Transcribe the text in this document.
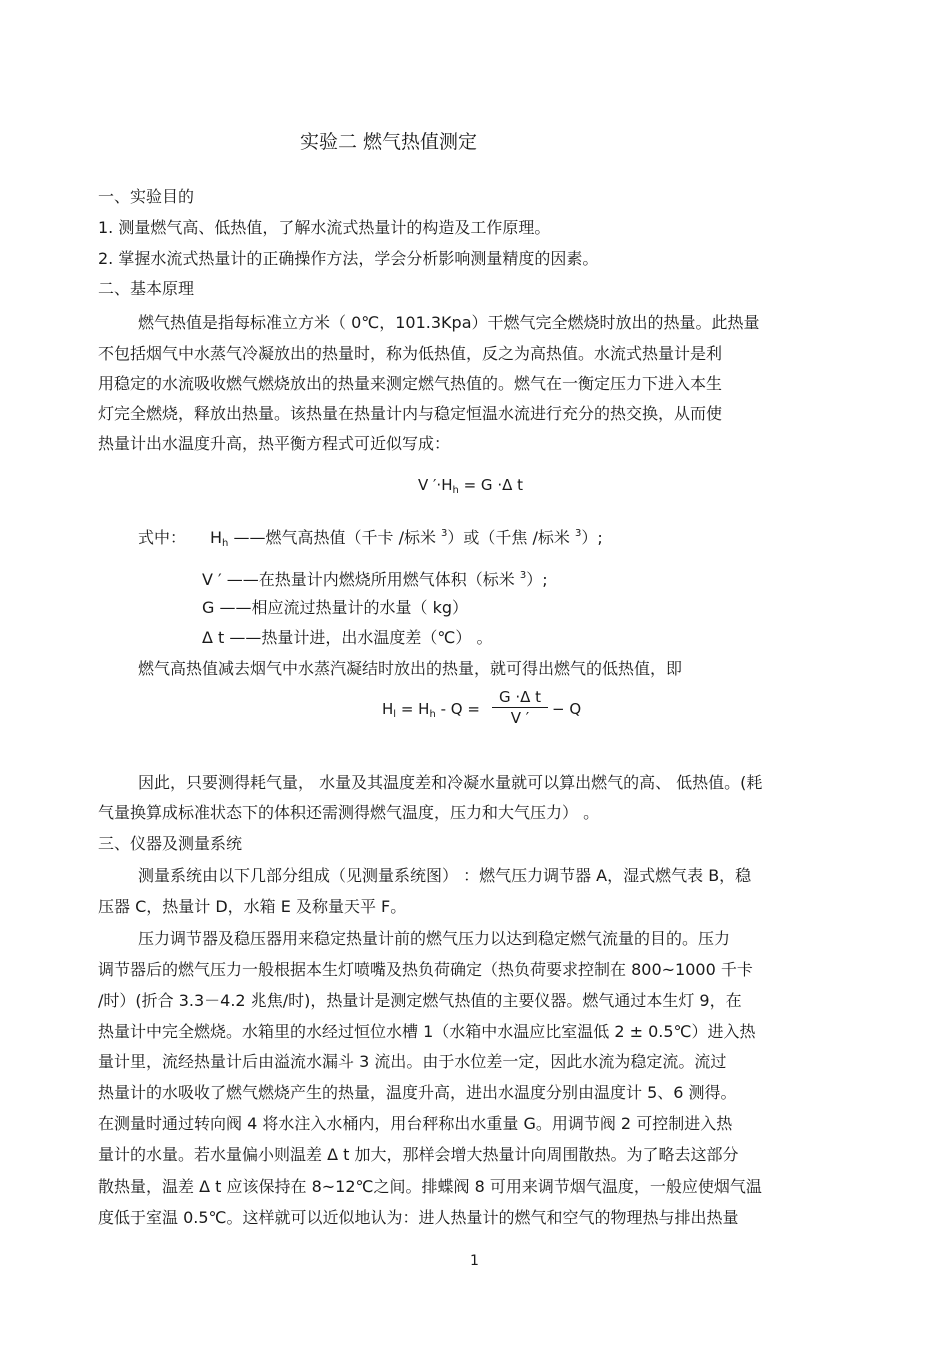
实验二 燃气热值测定
一、实验目的
1. 测量燃气高、低热值，了解水流式热量计的构造及工作原理。
2. 掌握水流式热量计的正确操作方法，学会分析影响测量精度的因素。
二、基本原理
燃气热值是指每标准立方米（ 0℃，101.3Kpa）干燃气完全燃烧时放出的热量。此热量
不包括烟气中水蒸气冷凝放出的热量时，称为低热值，反之为高热值。水流式热量计是利
用稳定的水流吸收燃气燃烧放出的热量来测定燃气热值的。燃气在一衡定压力下进入本生
灯完全燃烧，释放出热量。该热量在热量计内与稳定恒温水流进行充分的热交换，从而使
热量计出水温度升高，热平衡方程式可近似写成：
V $'\cdot H_h = G \cdot\Delta$ t
式中： $H_h$ ——燃气高热值（千卡 /标米 $^3$）或（千焦 /标米 $^3$）;
V ′ ——在热量计内燃烧所用燃气体积（标米 $^3$）;
G ——相应流过热量计的水量（ kg）
Δ t ——热量计进，出水温度差（℃） 。
燃气高热值减去烟气中水蒸汽凝结时放出的热量，就可得出燃气的低热值，即
$H_l = H_h - Q$ =
G ·Δ t
V ′	− Q
因此，只要测得耗气量， 水量及其温度差和冷凝水量就可以算出燃气的高、 低热值。(耗
气量换算成标准状态下的体积还需测得燃气温度，压力和大气压力） 。
三、仪器及测量系统
测量系统由以下几部分组成（见测量系统图） ：燃气压力调节器 A，湿式燃气表 B，稳
压器 C，热量计 D，水箱 E 及称量天平 F。
压力调节器及稳压器用来稳定热量计前的燃气压力以达到稳定燃气流量的目的。压力
调节器后的燃气压力一般根据本生灯喷嘴及热负荷确定（热负荷要求控制在 800~1000 千卡
/时）(折合 3.3－4.2 兆焦/时)，热量计是测定燃气热值的主要仪器。燃气通过本生灯 9，在
热量计中完全燃烧。水箱里的水经过恒位水槽 1（水箱中水温应比室温低 2 ± 0.5℃）进入热
量计里，流经热量计后由溢流水漏斗 3 流出。由于水位差一定，因此水流为稳定流。流过
热量计的水吸收了燃气燃烧产生的热量，温度升高，进出水温度分别由温度计 5、6 测得。
在测量时通过转向阀 4 将水注入水桶内，用台秤称出水重量 G。用调节阀 2 可控制进入热
量计的水量。若水量偏小则温差 Δ t 加大，那样会增大热量计向周围散热。为了略去这部分
散热量，温差 Δ t 应该保持在 8~12℃之间。排蝶阀 8 可用来调节烟气温度，一般应使烟气温
度低于室温 0.5℃。这样就可以近似地认为：进人热量计的燃气和空气的物理热与排出热量
1
